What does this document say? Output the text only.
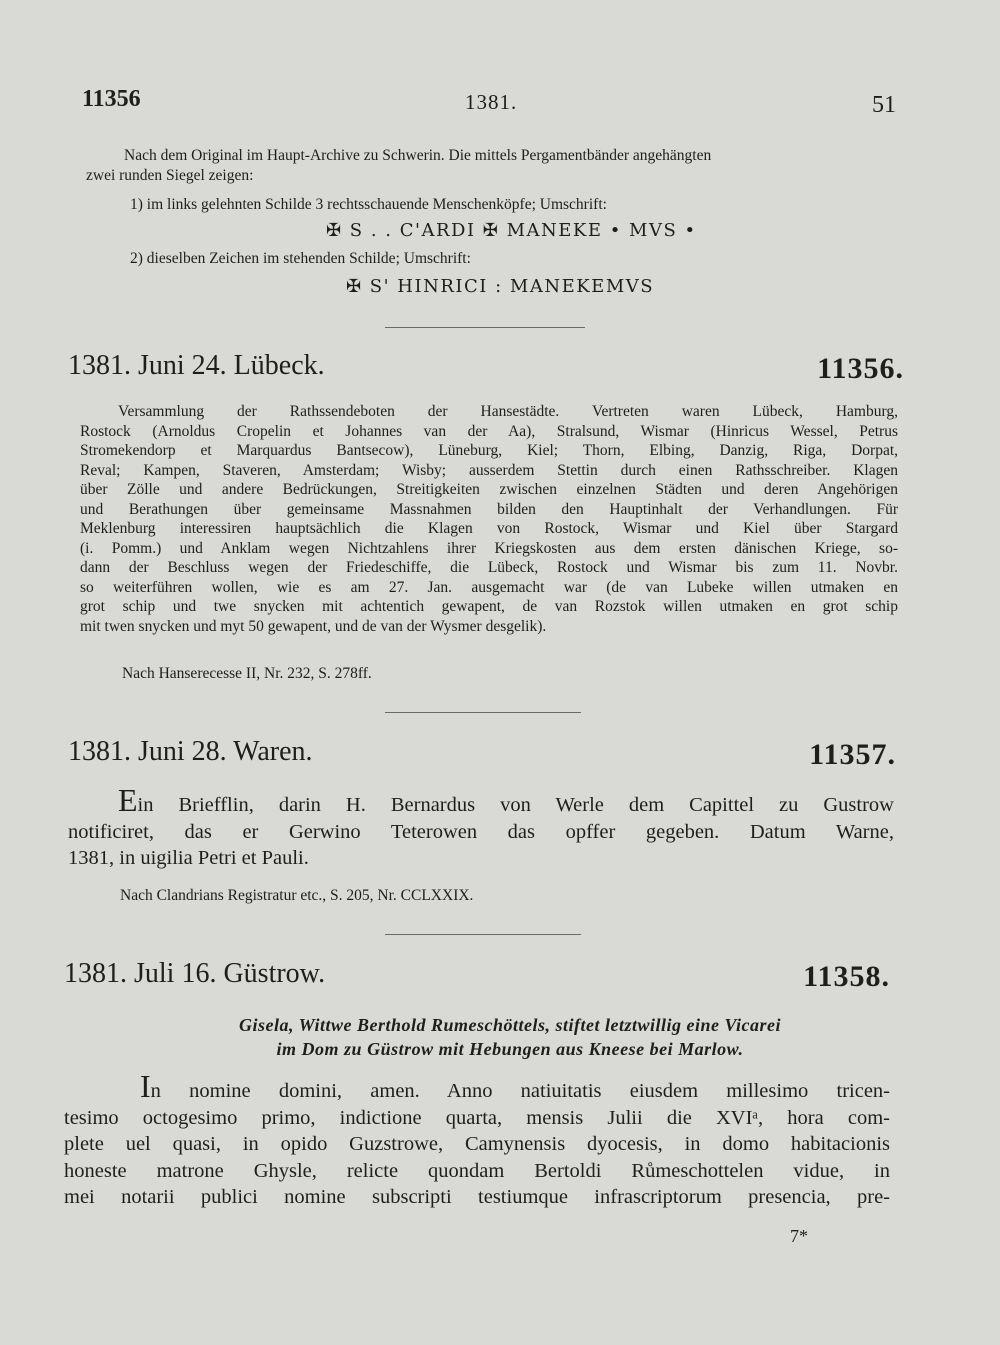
11356	1381.	51
Nach dem Original im Haupt-Archive zu Schwerin. Die mittels Pergamentbänder angehängten
zwei runden Siegel zeigen:
1) im links gelehnten Schilde 3 rechtsschauende Menschenköpfe; Umschrift:
✠ S . . C'ARDI ✠ MANEKE • MVS •
2) dieselben Zeichen im stehenden Schilde; Umschrift:
✠ S' HINRICI : MANEKEMVS
1381. Juni 24. Lübeck.	11356.
Versammlung der Rathssendeboten der Hansestädte. Vertreten waren Lübeck, Hamburg,
Rostock (Arnoldus Cropelin et Johannes van der Aa), Stralsund, Wismar (Hinricus Wessel, Petrus
Stromekendorp et Marquardus Bantsecow), Lüneburg, Kiel; Thorn, Elbing, Danzig, Riga, Dorpat,
Reval; Kampen, Staveren, Amsterdam; Wisby; ausserdem Stettin durch einen Rathsschreiber. Klagen
über Zölle und andere Bedrückungen, Streitigkeiten zwischen einzelnen Städten und deren Angehörigen
und Berathungen über gemeinsame Massnahmen bilden den Hauptinhalt der Verhandlungen. Für
Meklenburg interessiren hauptsächlich die Klagen von Rostock, Wismar und Kiel über Stargard
(i. Pomm.) und Anklam wegen Nichtzahlens ihrer Kriegskosten aus dem ersten dänischen Kriege, so-
dann der Beschluss wegen der Friedeschiffe, die Lübeck, Rostock und Wismar bis zum 11. Novbr.
so weiterführen wollen, wie es am 27. Jan. ausgemacht war (de van Lubeke willen utmaken en
grot schip und twe snycken mit achtentich gewapent, de van Rozstok willen utmaken en grot schip
mit twen snycken und myt 50 gewapent, und de van der Wysmer desgelik).
Nach Hanserecesse II, Nr. 232, S. 278ff.
1381. Juni 28. Waren.	11357.
Ein Briefflin, darin H. Bernardus von Werle dem Capittel zu Gustrow
notificiret, das er Gerwino Teterowen das opffer gegeben. Datum Warne,
1381, in uigilia Petri et Pauli.
Nach Clandrians Registratur etc., S. 205, Nr. CCLXXIX.
1381. Juli 16. Güstrow.	11358.
Gisela, Wittwe Berthold Rumeschöttels, stiftet letztwillig eine Vicarei
im Dom zu Güstrow mit Hebungen aus Kneese bei Marlow.
In nomine domini, amen. Anno natiuitatis eiusdem millesimo tricen-
tesimo octogesimo primo, indictione quarta, mensis Julii die XVIᵃ, hora com-
plete uel quasi, in opido Guzstrowe, Camynensis dyocesis, in domo habitacionis
honeste matrone Ghysle, relicte quondam Bertoldi Růmeschottelen vidue, in
mei notarii publici nomine subscripti testiumque infrascriptorum presencia, pre-
7*
